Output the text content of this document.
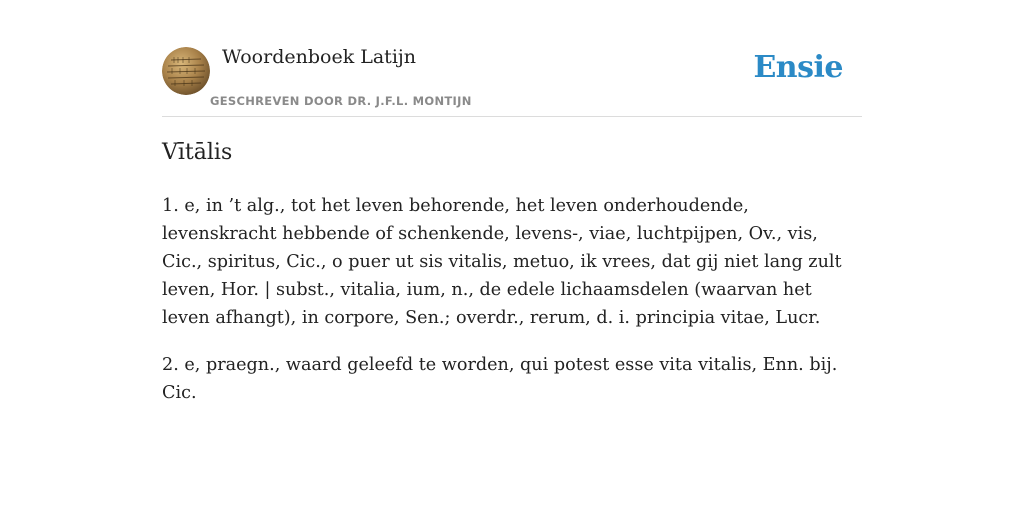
Woordenboek Latijn
GESCHREVEN DOOR DR. J.F.L. MONTIJN
Ensie
Vītālis

1. e, in ’t alg., tot het leven behorende, het leven onderhoudende, levenskracht hebbende of schenkende, levens-, viae, luchtpijpen, Ov., vis, Cic., spiritus, Cic., o puer ut sis vitalis, metuo, ik vrees, dat gij niet lang zult leven, Hor. | subst., vitalia, ium, n., de edele lichaamsdelen (waarvan het leven afhangt), in corpore, Sen.; overdr., rerum, d. i. principia vitae, Lucr.

2. e, praegn., waard geleefd te worden, qui potest esse vita vitalis, Enn. bij. Cic.
